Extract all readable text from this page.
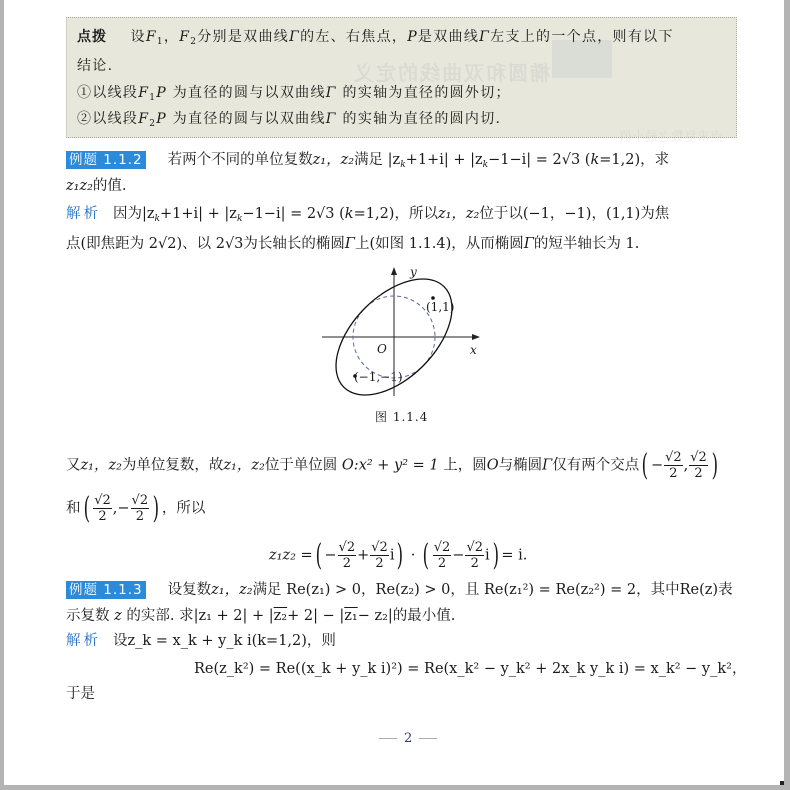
椭圆和双曲线的定义
点求复数之最小值
点拨 设$F_1$，$F_2$分别是双曲线Γ的左、右焦点，P是双曲线Γ左支上的一个点，则有以下
结论.
①以线段$F_1P$ 为直径的圆与以双曲线Γ 的实轴为直径的圆外切；
②以线段$F_2P$ 为直径的圆与以双曲线Γ 的实轴为直径的圆内切.
例题 1.1.2 若两个不同的单位复数z₁，z₂满足 $|z_k+1+i| + |z_k-1-i| = 2√3$ (k=1,2)，求
z₁z₂的值.
解析 因为$|z_k+1+i| + |z_k-1-i| = 2√3$ (k=1,2)，所以z₁，z₂位于以(−1，−1)，(1,1)为焦
点(即焦距为 2√2)、以 2√3为长轴长的椭圆Γ上(如图 1.1.4)，从而椭圆Γ的短半轴长为 1.
(1,1)
(−1,−1)
O	x
y
图 1.1.4
又z₁，z₂为单位复数，故z₁，z₂位于单位圆 O:x² + y² = 1 上，圆O与椭圆Γ仅有两个交点( − $\frac{√2}{2}$ , $\frac{√2}{2}$ )
和( $\frac{√2}{2}$ ,− $\frac{√2}{2}$ ) ，所以
z₁z₂ =( − $\frac{√2}{2} + \frac{√2}{2} i$) · ( $\frac{√2}{2} - \frac{√2}{2} i) = i$.
例题 1.1.3 设复数z₁，z₂满足 Re(z₁) > 0，Re(z₂) > 0，且 Re(z₁²) = Re(z₂²) = 2，其中Re(z)表
示复数 z 的实部. 求|z₁ + 2| + |z₂+ 2| − |z₁− z₂|的最小值.
解析 设z_k = x_k + y_k i(k=1,2)，则
Re(z_k²) = Re((x_k + y_k i)²) = Re(x_k² − y_k² + 2x_k y_k i) = x_k² − y_k²，
于是
2
